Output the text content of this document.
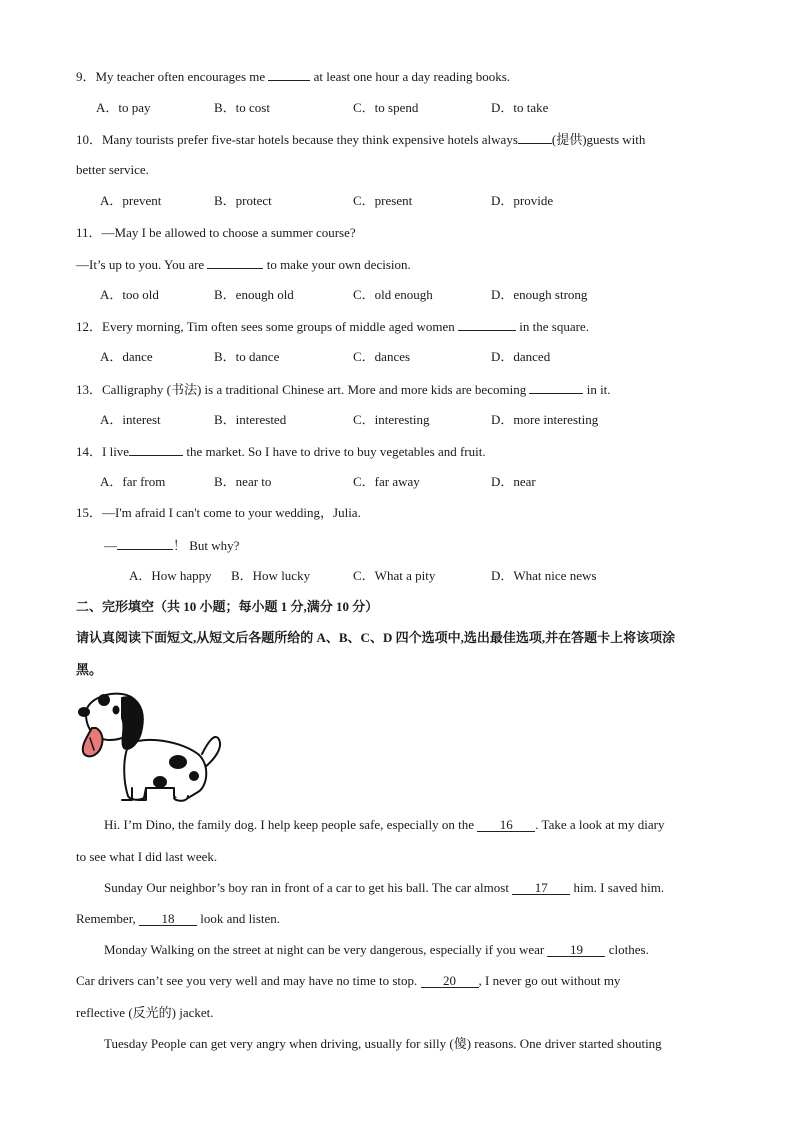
9．My teacher often encourages me	at least one hour a day reading books.
A．to pay	B．to cost	C．to spend	D．to take
10．Many tourists prefer five-star hotels because they think expensive hotels always	(提供)guests with
better service.
A．prevent	B．protect	C．present	D．provide
11．—May I be allowed to choose a summer course?
—It’s up to you. You are	to make your own decision.
A．too old	B．enough old	C．old enough	D．enough strong
12．Every morning, Tim often sees some groups of middle aged women	in the square.
A．dance	B．to dance	C．dances	D．danced
13．Calligraphy (书法) is a traditional Chinese art. More and more kids are becoming	in it.
A．interest	B．interested	C．interesting	D．more interesting
14．I live	the market. So I have to drive to buy vegetables and fruit.
A．far from	B．near to	C．far away	D．near
15．—I'm afraid I can't come to your wedding，Julia.
—	！ But why?
A．How happy B．How lucky	C．What a pity	D．What nice news
二、完形填空（共 10 小题；每小题 1 分,满分 10 分）
请认真阅读下面短文,从短文后各题所给的 A、B、C、D 四个选项中,选出最佳选项,并在答题卡上将该项涂
黑。
Hi. I’m Dino, the family dog. I help keep people safe, especially on the 16 . Take a look at my diary
to see what I did last week.
Sunday Our neighbor’s boy ran in front of a car to get his ball. The car almost 17 him. I saved him.
Remember, 18 look and listen.
Monday Walking on the street at night can be very dangerous, especially if you wear 19 clothes.
Car drivers can’t see you very well and may have no time to stop. 20 , I never go out without my
reflective (反光的) jacket.
Tuesday People can get very angry when driving, usually for silly (傻) reasons. One driver started shouting
